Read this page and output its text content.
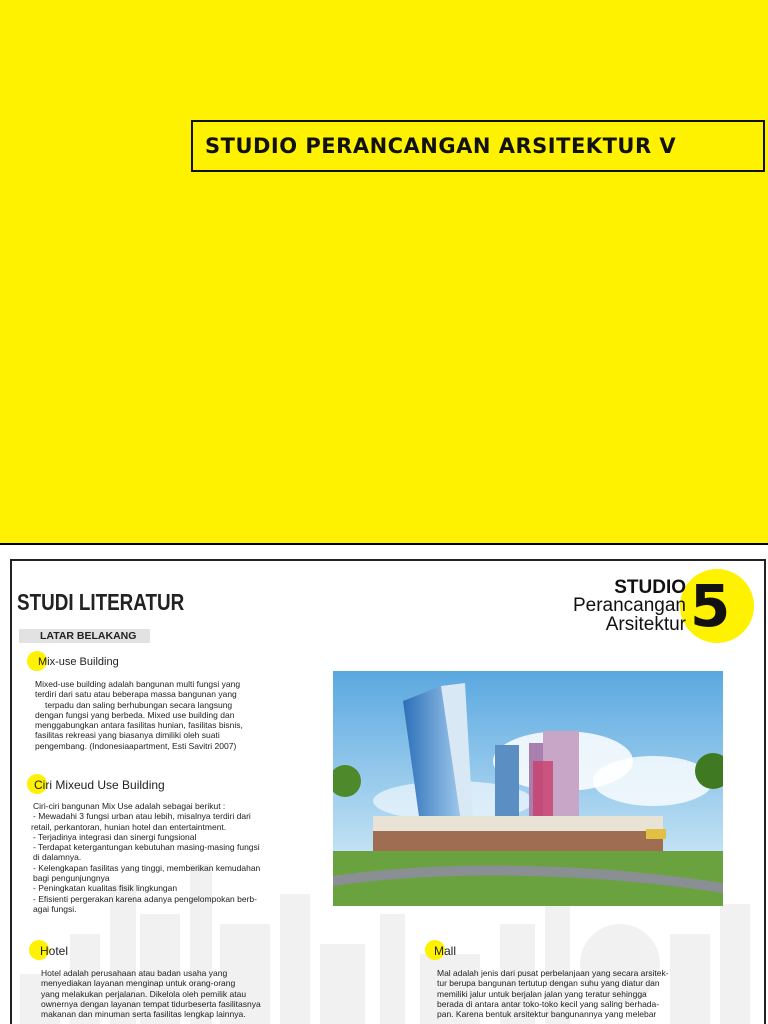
STUDIO PERANCANGAN ARSITEKTUR V
STUDI LITERATUR
LATAR BELAKANG	5
STUDIO
Perancangan
Arsitektur
Mix-use Building
Mixed-use building adalah bangunan multi fungsi yang
terdiri dari satu atau beberapa massa bangunan yang
terpadu dan saling berhubungan secara langsung
dengan fungsi yang berbeda. Mixed use building dan
menggabungkan antara fasilitas hunian, fasilitas bisnis,
fasilitas rekreasi yang biasanya dimiliki oleh suati
pengembang. (Indonesiaapartment, Esti Savitri 2007)
Ciri Mixeud Use Building
Ciri-ciri bangunan Mix Use adalah sebagai berikut :
- Mewadahi 3 fungsi urban atau lebih, misalnya terdiri dari
retail, perkantoran, hunian hotel dan entertaintment.
- Terjadinya integrasi dan sinergi fungsional
- Terdapat ketergantungan kebutuhan masing-masing fungsi
di dalamnya.
- Kelengkapan fasilitas yang tinggi, memberikan kemudahan
bagi pengunjungnya
- Peningkatan kualitas fisik lingkungan
- Efisienti pergerakan karena adanya pengelompokan berb-
agai fungsi.
Hotel
Hotel adalah perusahaan atau badan usaha yang
menyediakan layanan menginap untuk orang-orang
yang melakukan perjalanan. Dikelola oleh pemilik atau
ownernya dengan layanan tempat tidurbeserta fasilitasnya
makanan dan minuman serta fasilitas lengkap lainnya.
Mall
Mal adalah jenis dari pusat perbelanjaan yang secara arsitek-
tur berupa bangunan tertutup dengan suhu yang diatur dan
memiliki jalur untuk berjalan jalan yang teratur sehingga
berada di antara antar toko-toko kecil yang saling berhada-
pan. Karena bentuk arsitektur bangunannya yang melebar
